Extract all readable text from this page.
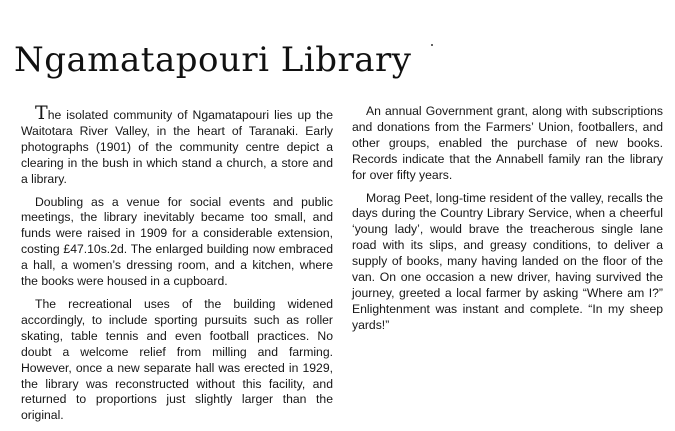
Ngamatapouri Library

The isolated community of Ngamatapouri lies up the Waitotara River Valley, in the heart of Taranaki. Early photographs (1901) of the community centre depict a clearing in the bush in which stand a church, a store and a library.

Doubling as a venue for social events and public meetings, the library inevitably became too small, and funds were raised in 1909 for a considerable extension, costing £47.10s.2d. The enlarged building now embraced a hall, a women’s dressing room, and a kitchen, where the books were housed in a cupboard.

The recreational uses of the building widened accordingly, to include sporting pursuits such as roller skating, table tennis and even football practices. No doubt a welcome relief from milling and farming. However, once a new separate hall was erected in 1929, the library was reconstructed without this facility, and returned to proportions just slightly larger than the original.

An annual Government grant, along with subscriptions and donations from the Farmers’ Union, footballers, and other groups, enabled the purchase of new books. Records indicate that the Annabell family ran the library for over fifty years.

Morag Peet, long-time resident of the valley, recalls the days during the Country Library Service, when a cheerful ‘young lady’, would brave the treacherous single lane road with its slips, and greasy conditions, to deliver a supply of books, many having landed on the floor of the van. On one occasion a new driver, having survived the journey, greeted a local farmer by asking “Where am I?” Enlightenment was instant and complete. “In my sheep yards!”
